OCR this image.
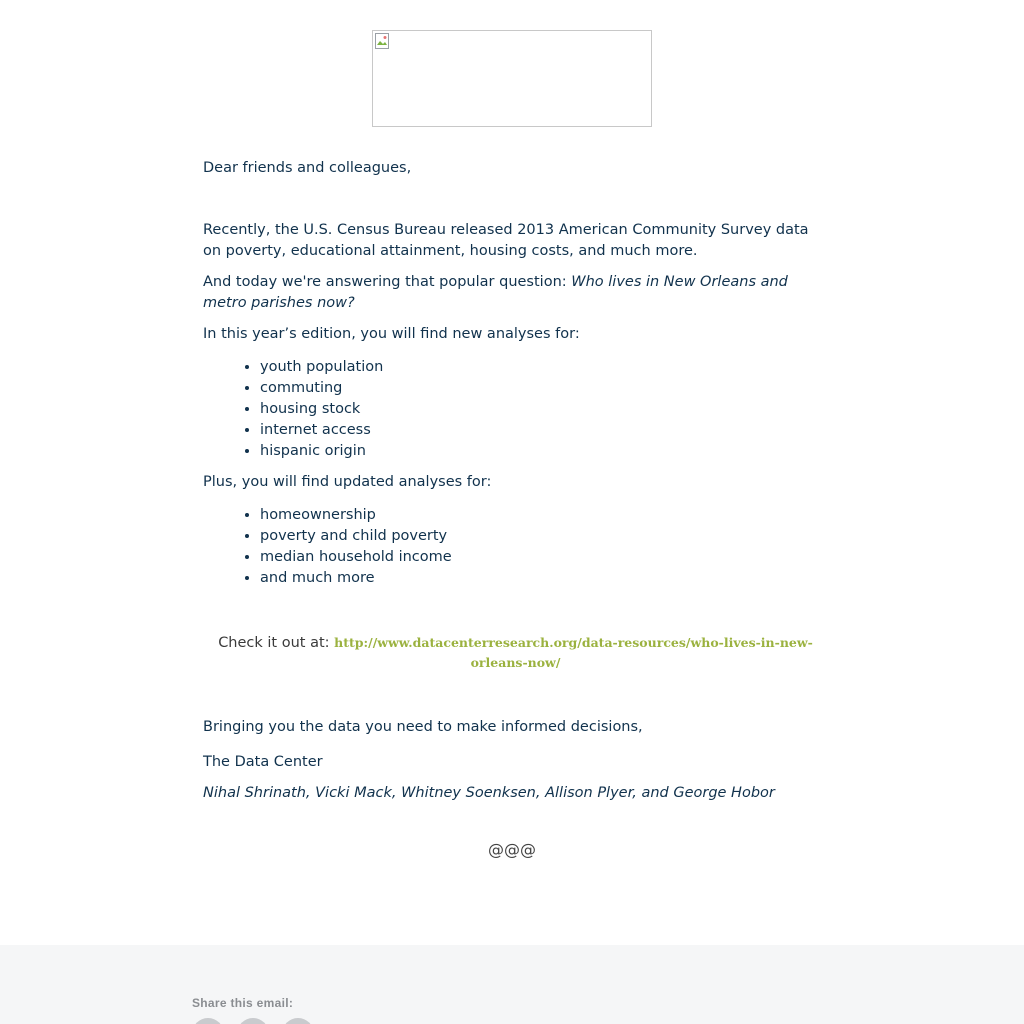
Dear friends and colleagues,

Recently, the U.S. Census Bureau released 2013 American Community Survey data on poverty, educational attainment, housing costs, and much more.

And today we're answering that popular question: Who lives in New Orleans and metro parishes now?

In this year’s edition, you will find new analyses for:

• youth population
• commuting
• housing stock
• internet access
• hispanic origin

Plus, you will find updated analyses for:

• homeownership
• poverty and child poverty
• median household income
• and much more

Check it out at: http://www.datacenterresearch.org/data-resources/who-lives-in-new-orleans-now/

Bringing you the data you need to make informed decisions,

The Data Center

Nihal Shrinath, Vicki Mack, Whitney Soenksen, Allison Plyer, and George Hobor

@@@
Share this email:
